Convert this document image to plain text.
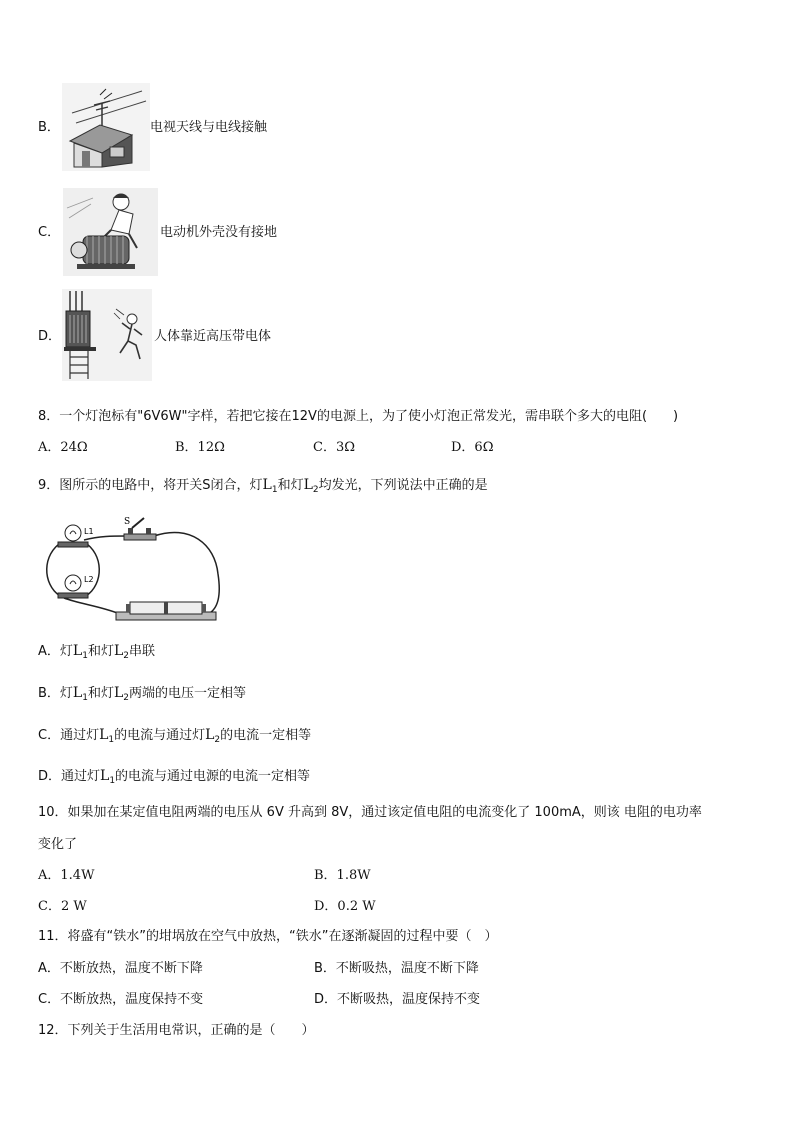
B．	电视天线与电线接触
C．	电动机外壳没有接地
D．	人体靠近高压带电体
8．一个灯泡标有"6V6W"字样，若把它接在12V的电源上，为了使小灯泡正常发光，需串联个多大的电阻(　　)
A．24Ω	B．12Ω	C．3Ω	D．6Ω
9．图所示的电路中，将开关S闭合，灯$L_1$和灯$L_2$均发光，下列说法中正确的是
L1
L2
S
A．灯$L_1$和灯$L_2$串联
B．灯$L_1$和灯$L_2$两端的电压一定相等
C．通过灯$L_1$的电流与通过灯$L_2$的电流一定相等
D．通过灯$L_1$的电流与通过电源的电流一定相等
10．如果加在某定值电阻两端的电压从 6V 升高到 8V，通过该定值电阻的电流变化了 100mA，则该 电阻的电功率
变化了
A．1.4W	B．1.8W
C．2 W	D．0.2 W
11．将盛有“铁水”的坩埚放在空气中放热，“铁水”在逐渐凝固的过程中要（　）
A．不断放热，温度不断下降	B．不断吸热，温度不断下降
C．不断放热，温度保持不变	D．不断吸热，温度保持不变
12．下列关于生活用电常识，正确的是（　　）
